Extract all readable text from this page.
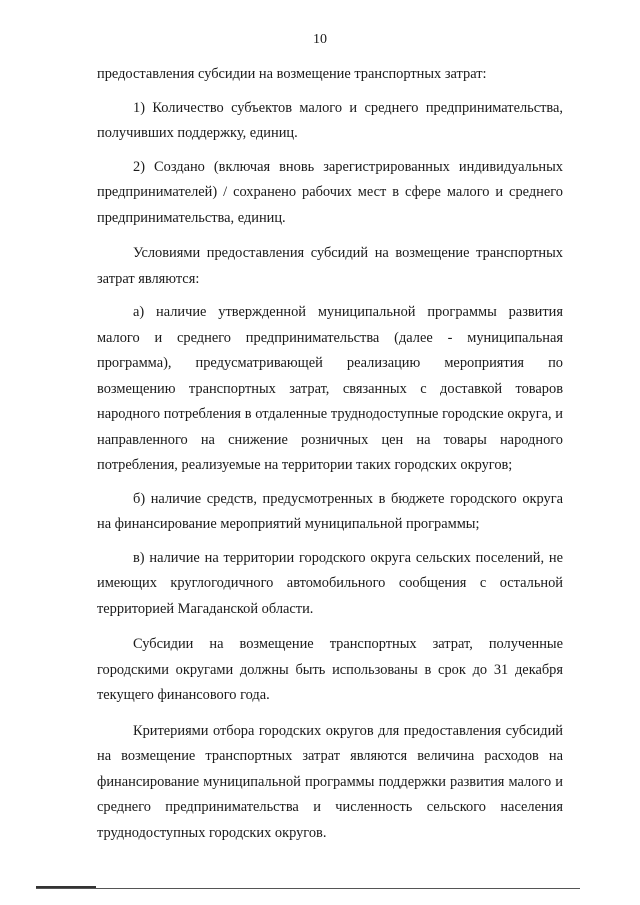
10

предоставления субсидии на возмещение транспортных затрат:

1) Количество субъектов малого и среднего предпринимательства, получивших поддержку, единиц.

2) Создано (включая вновь зарегистрированных индивидуальных предпринимателей) / сохранено рабочих мест в сфере малого и среднего предпринимательства, единиц.

Условиями предоставления субсидий на возмещение транспортных затрат являются:

а) наличие утвержденной муниципальной программы развития малого и среднего предпринимательства (далее - муниципальная программа), предусматривающей реализацию мероприятия по возмещению транспортных затрат, связанных с доставкой товаров народного потребления в отдаленные труднодоступные городские округа, и направленного на снижение розничных цен на товары народного потребления, реализуемые на территории таких городских округов;

б) наличие средств, предусмотренных в бюджете городского округа на финансирование мероприятий муниципальной программы;

в) наличие на территории городского округа сельских поселений, не имеющих круглогодичного автомобильного сообщения с остальной территорией Магаданской области.

Субсидии на возмещение транспортных затрат, полученные городскими округами должны быть использованы в срок до 31 декабря текущего финансового года.

Критериями отбора городских округов для предоставления субсидий на возмещение транспортных затрат являются величина расходов на финансирование муниципальной программы поддержки развития малого и среднего предпринимательства и численность сельского населения труднодоступных городских округов.
